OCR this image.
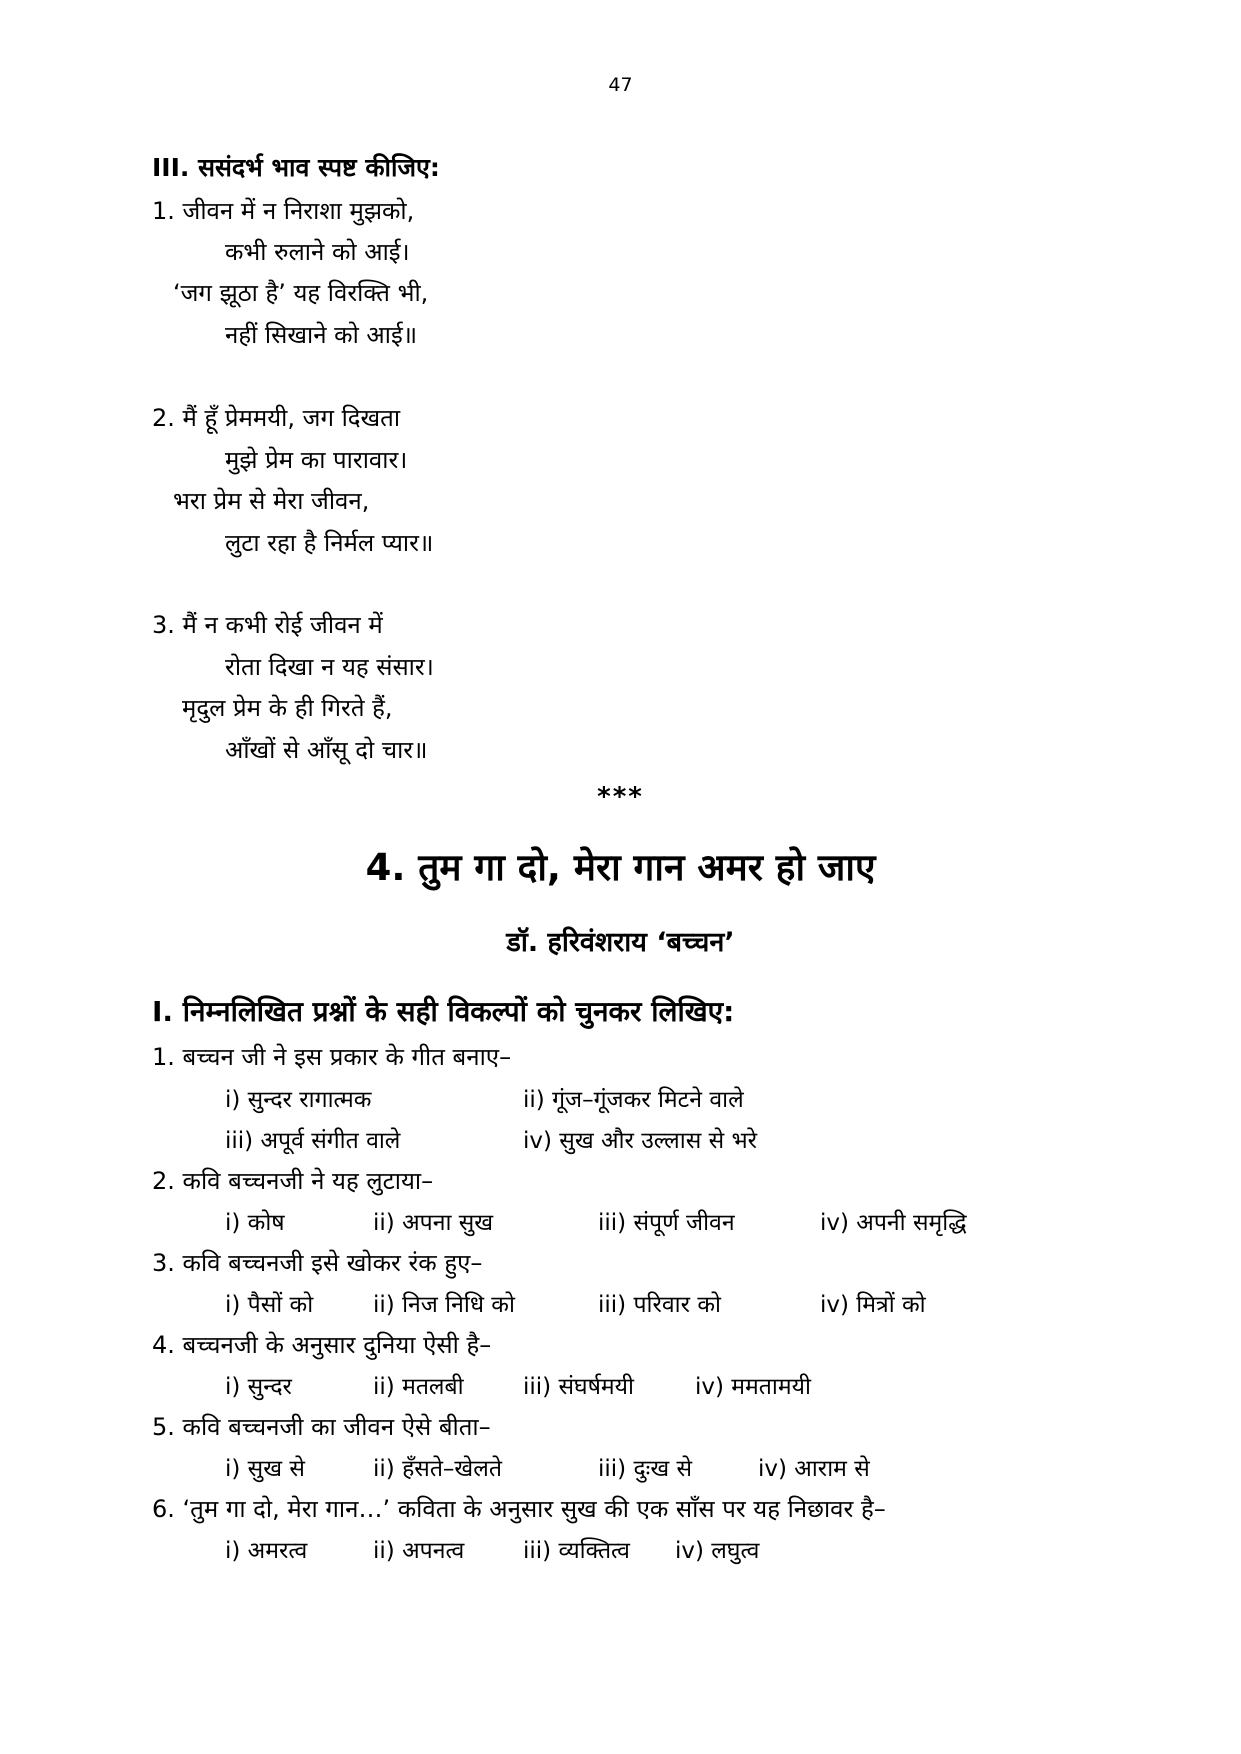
47
III. ससंदर्भ भाव स्पष्ट कीजिए:
1. जीवन में न निराशा मुझको,
कभी रुलाने को आई।
‘जग झूठा है’ यह विरक्ति भी,
नहीं सिखाने को आई॥
2. मैं हूँ प्रेममयी, जग दिखता
मुझे प्रेम का पारावार।
भरा प्रेम से मेरा जीवन,
लुटा रहा है निर्मल प्यार॥
3. मैं न कभी रोई जीवन में
रोता दिखा न यह संसार।
मृदुल प्रेम के ही गिरते हैं,
आँखों से आँसू दो चार॥
***
4. तुम गा दो, मेरा गान अमर हो जाए
डॉ. हरिवंशराय ‘बच्चन’
I. निम्नलिखित प्रश्नों के सही विकल्पों को चुनकर लिखिए:
1. बच्चन जी ने इस प्रकार के गीत बनाए–
i) सुन्दर रागात्मक	ii) गूंज–गूंजकर मिटने वाले
iii) अपूर्व संगीत वाले	iv) सुख और उल्लास से भरे
2. कवि बच्चनजी ने यह लुटाया–
i) कोष	ii) अपना सुख	iii) संपूर्ण जीवन	iv) अपनी समृद्धि
3. कवि बच्चनजी इसे खोकर रंक हुए–
i) पैसों को	ii) निज निधि को	iii) परिवार को	iv) मित्रों को
4. बच्चनजी के अनुसार दुनिया ऐसी है–
i) सुन्दर	ii) मतलबी	iii) संघर्षमयी	iv) ममतामयी
5. कवि बच्चनजी का जीवन ऐसे बीता–
i) सुख से	ii) हँसते–खेलते	iii) दुःख से	iv) आराम से
6. ‘तुम गा दो, मेरा गान…’ कविता के अनुसार सुख की एक साँस पर यह निछावर है–
i) अमरत्व	ii) अपनत्व	iii) व्यक्तित्व iv) लघुत्व
